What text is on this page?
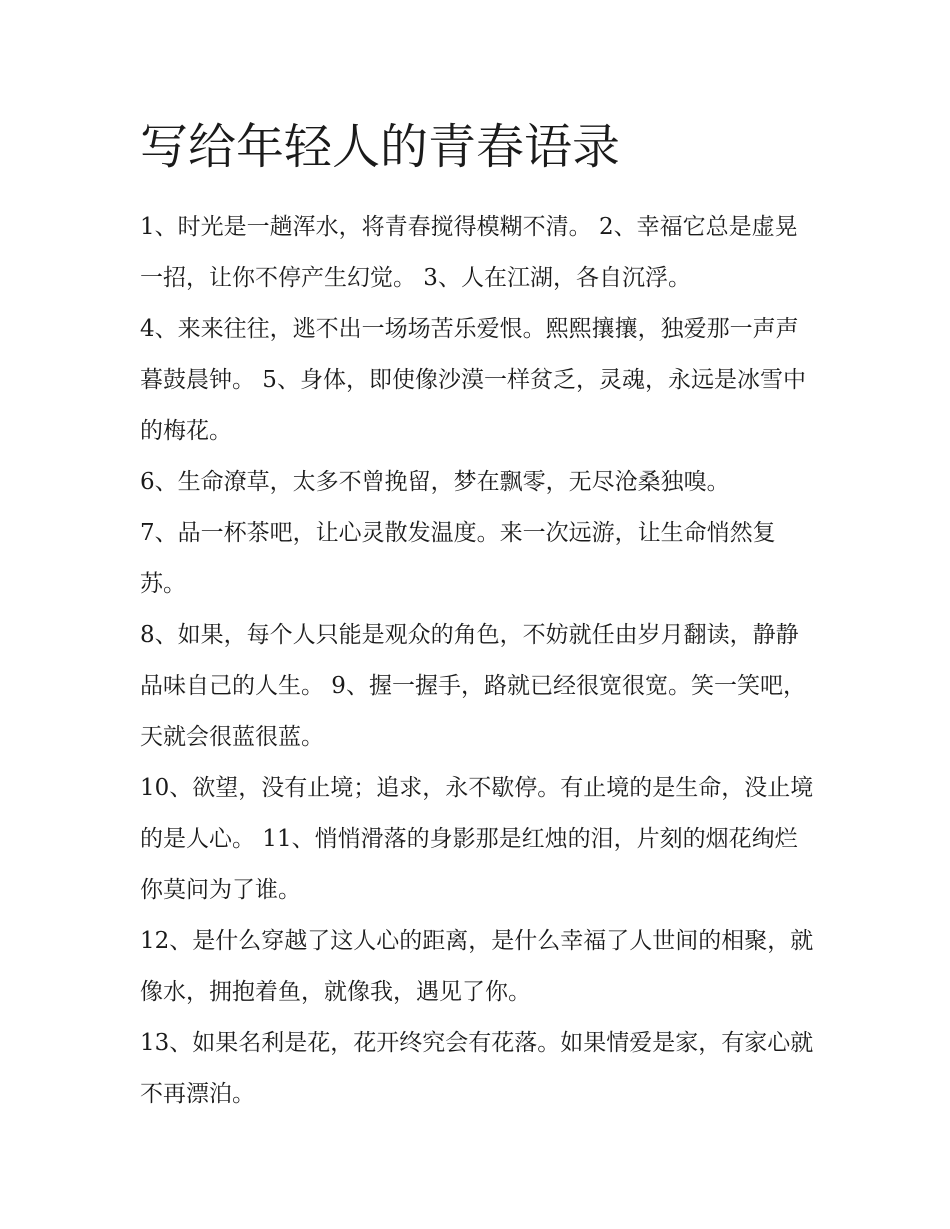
写给年轻人的青春语录

1、时光是一趟浑水，将青春搅得模糊不清。 2、幸福它总是虚晃一招，让你不停产生幻觉。 3、人在江湖，各自沉浮。

4、来来往往，逃不出一场场苦乐爱恨。熙熙攘攘，独爱那一声声暮鼓晨钟。 5、身体，即使像沙漠一样贫乏，灵魂，永远是冰雪中的梅花。

6、生命潦草，太多不曾挽留，梦在飘零，无尽沧桑独嗅。

7、品一杯茶吧，让心灵散发温度。来一次远游，让生命悄然复苏。

8、如果，每个人只能是观众的角色，不妨就任由岁月翻读，静静品味自己的人生。 9、握一握手，路就已经很宽很宽。笑一笑吧，天就会很蓝很蓝。

10、欲望，没有止境；追求，永不歇停。有止境的是生命，没止境的是人心。 11、悄悄滑落的身影那是红烛的泪，片刻的烟花绚烂你莫问为了谁。

12、是什么穿越了这人心的距离，是什么幸福了人世间的相聚，就像水，拥抱着鱼，就像我，遇见了你。

13、如果名利是花，花开终究会有花落。如果情爱是家，有家心就不再漂泊。
